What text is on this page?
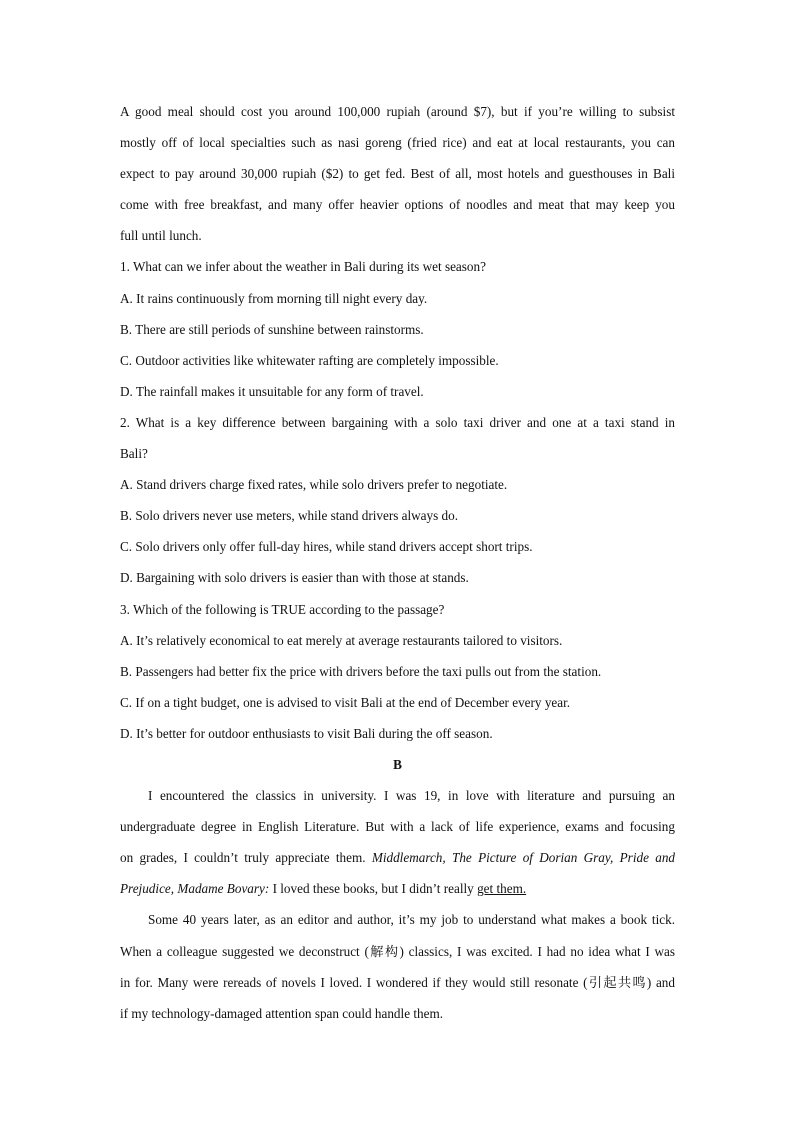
A good meal should cost you around 100,000 rupiah (around $7), but if you’re willing to subsist
mostly off of local specialties such as nasi goreng (fried rice) and eat at local restaurants, you can
expect to pay around 30,000 rupiah ($2) to get fed. Best of all, most hotels and guesthouses in Bali
come with free breakfast, and many offer heavier options of noodles and meat that may keep you
full until lunch.

1. What can we infer about the weather in Bali during its wet season?

A. It rains continuously from morning till night every day.

B. There are still periods of sunshine between rainstorms.

C. Outdoor activities like whitewater rafting are completely impossible.

D. The rainfall makes it unsuitable for any form of travel.

2. What is a key difference between bargaining with a solo taxi driver and one at a taxi stand in
Bali?

A. Stand drivers charge fixed rates, while solo drivers prefer to negotiate.

B. Solo drivers never use meters, while stand drivers always do.

C. Solo drivers only offer full-day hires, while stand drivers accept short trips.

D. Bargaining with solo drivers is easier than with those at stands.

3. Which of the following is TRUE according to the passage?

A. It’s relatively economical to eat merely at average restaurants tailored to visitors.

B. Passengers had better fix the price with drivers before the taxi pulls out from the station.

C. If on a tight budget, one is advised to visit Bali at the end of December every year.

D. It’s better for outdoor enthusiasts to visit Bali during the off season.

B

I encountered the classics in university. I was 19, in love with literature and pursuing an
undergraduate degree in English Literature. But with a lack of life experience, exams and focusing
on grades, I couldn’t truly appreciate them. Middlemarch, The Picture of Dorian Gray, Pride and
Prejudice, Madame Bovary: I loved these books, but I didn’t really get them.

Some 40 years later, as an editor and author, it’s my job to understand what makes a book tick.
When a colleague suggested we deconstruct (解构) classics, I was excited. I had no idea what I was
in for. Many were rereads of novels I loved. I wondered if they would still resonate (引起共鸣) and
if my technology-damaged attention span could handle them.
